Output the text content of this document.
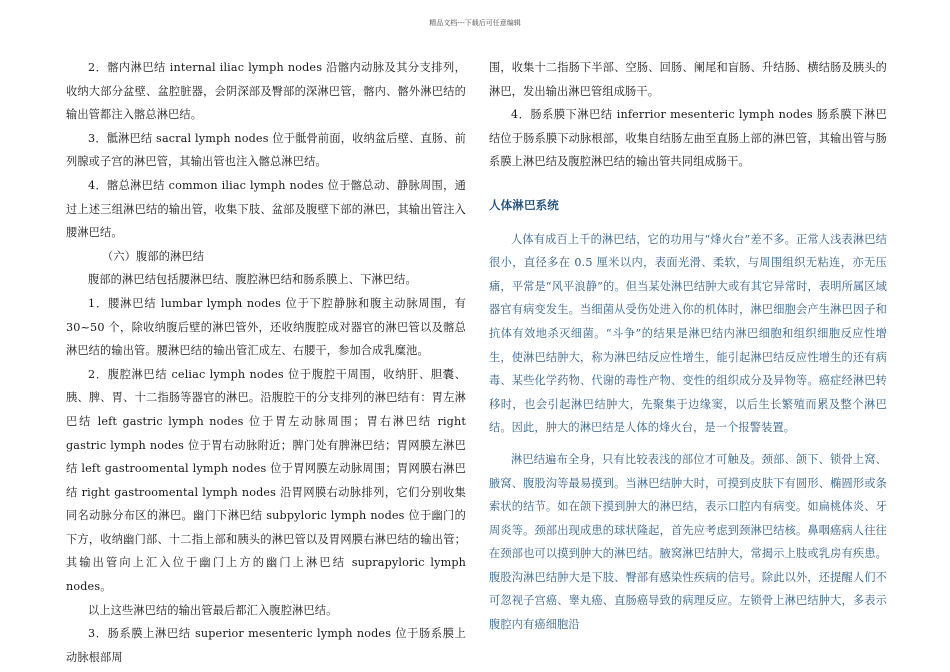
精品文档---下载后可任意编辑

2．髂内淋巴结 internal iliac lymph nodes 沿髂内动脉及其分支排列，收纳大部分盆壁、盆腔脏器，会阴深部及臀部的深淋巴管，髂内、髂外淋巴结的输出管都注入髂总淋巴结。

3．骶淋巴结 sacral lymph nodes 位于骶骨前面，收纳盆后壁、直肠、前列腺或子宫的淋巴管，其输出管也注入髂总淋巴结。

4．髂总淋巴结 common iliac lymph nodes 位于髂总动、静脉周围，通过上述三组淋巴结的输出管，收集下肢、盆部及腹壁下部的淋巴，其输出管注入腰淋巴结。

（六）腹部的淋巴结

腹部的淋巴结包括腰淋巴结、腹腔淋巴结和肠系膜上、下淋巴结。

1．腰淋巴结 lumbar lymph nodes 位于下腔静脉和腹主动脉周围，有 30~50 个，除收纳腹后壁的淋巴管外，还收纳腹腔成对器官的淋巴管以及髂总淋巴结的输出管。腰淋巴结的输出管汇成左、右腰干，参加合成乳糜池。

2．腹腔淋巴结 celiac lymph nodes 位于腹腔干周围，收纳肝、胆囊、胰、脾、胃、十二指肠等器官的淋巴。沿腹腔干的分支排列的淋巴结有：胃左淋巴结 left gastric lymph nodes 位于胃左动脉周围；胃右淋巴结 right gastric lymph nodes 位于胃右动脉附近；脾门处有脾淋巴结；胃网膜左淋巴结 left gastroomental lymph nodes 位于胃网膜左动脉周围；胃网膜右淋巴结 right gastroomental lymph nodes 沿胃网膜右动脉排列，它们分别收集同名动脉分布区的淋巴。幽门下淋巴结 subpyloric lymph nodes 位于幽门的下方，收纳幽门部、十二指上部和胰头的淋巴管以及胃网膜右淋巴结的输出管；其输出管向上汇入位于幽门上方的幽门上淋巴结 suprapyloric lymph nodes。

以上这些淋巴结的输出管最后都汇入腹腔淋巴结。

3．肠系膜上淋巴结 superior mesenteric lymph nodes 位于肠系膜上动脉根部周

围，收集十二指肠下半部、空肠、回肠、阑尾和盲肠、升结肠、横结肠及胰头的淋巴，发出输出淋巴管组成肠干。

4．肠系膜下淋巴结 inferrior mesenteric lymph nodes 肠系膜下淋巴结位于肠系膜下动脉根部，收集自结肠左曲至直肠上部的淋巴管，其输出管与肠系膜上淋巴结及腹腔淋巴结的输出管共同组成肠干。

人体淋巴系统

人体有成百上千的淋巴结，它的功用与“烽火台”差不多。正常人浅表淋巴结很小，直径多在 0.5 厘米以内，表面光滑、柔软，与周围组织无粘连，亦无压痛，平常是“风平浪静”的。但当某处淋巴结肿大或有其它异常时，表明所属区域器官有病变发生。当细菌从受伤处进入你的机体时，淋巴细胞会产生淋巴因子和抗体有效地杀灭细菌。“斗争”的结果是淋巴结内淋巴细胞和组织细胞反应性增生，使淋巴结肿大，称为淋巴结反应性增生，能引起淋巴结反应性增生的还有病毒、某些化学药物、代谢的毒性产物、变性的组织成分及异物等。癌症经淋巴转移时，也会引起淋巴结肿大，先聚集于边缘窦，以后生长繁殖而累及整个淋巴结。因此，肿大的淋巴结是人体的烽火台，是一个报警装置。

淋巴结遍布全身，只有比较表浅的部位才可触及。颈部、颌下、锁骨上窝、腋窝、腹股沟等最易摸到。当淋巴结肿大时，可摸到皮肤下有圆形、椭圆形或条索状的结节。如在颌下摸到肿大的淋巴结，表示口腔内有病变。如扁桃体炎、牙周炎等。颈部出现成患的球状隆起，首先应考虑到颈淋巴结核。鼻咽癌病人往往在颈部也可以摸到肿大的淋巴结。腋窝淋巴结肿大，常揭示上肢或乳房有疾患。腹股沟淋巴结肿大是下肢、臀部有感染性疾病的信号。除此以外，还提醒人们不可忽视子宫癌、睾丸癌、直肠癌导致的病理反应。左锁骨上淋巴结肿大，多表示腹腔内有癌细胞沿
